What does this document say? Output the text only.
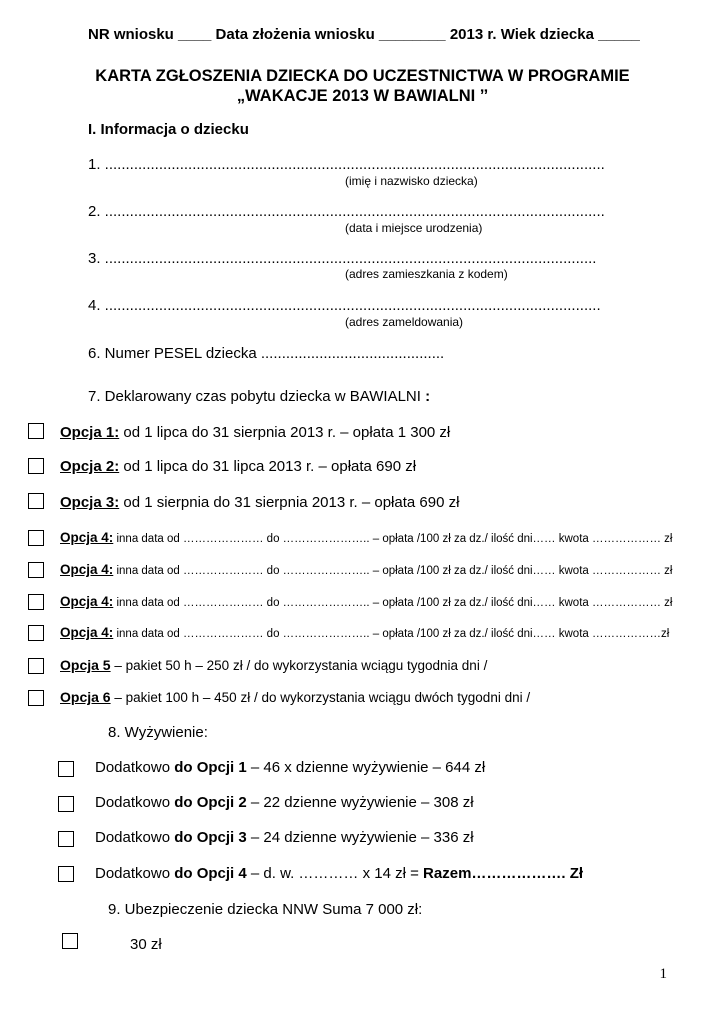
NR wniosku ____ Data złożenia wniosku ________ 2013 r. Wiek dziecka _____
KARTA ZGŁOSZENIA DZIECKA DO UCZESTNICTWA W PROGRAMIE
„WAKACJE 2013 W BAWIALNI ˮ
I. Informacja o dziecku
1. ........................................................................................................................
(imię i nazwisko dziecka)
2. ........................................................................................................................
(data i miejsce urodzenia)
3. ......................................................................................................................
(adres zamieszkania z kodem)
4. .......................................................................................................................
(adres zameldowania)
6. Numer PESEL dziecka ............................................
7. Deklarowany czas pobytu dziecka w BAWIALNI :
Opcja 1: od 1 lipca do 31 sierpnia 2013 r. – opłata 1 300 zł
Opcja 2: od 1 lipca do 31 lipca 2013 r. – opłata 690 zł
Opcja 3: od 1 sierpnia do 31 sierpnia 2013 r. – opłata 690 zł
Opcja 4: inna data od ………………… do ………………….. – opłata /100 zł za dz./ ilość dni…… kwota ……………… zł
Opcja 4: inna data od ………………… do ………………….. – opłata /100 zł za dz./ ilość dni…… kwota ……………… zł
Opcja 4: inna data od ………………… do ………………….. – opłata /100 zł za dz./ ilość dni…… kwota ……………… zł
Opcja 4: inna data od ………………… do ………………….. – opłata /100 zł za dz./ ilość dni…… kwota ………………zł
Opcja 5 – pakiet 50 h – 250 zł / do wykorzystania wciągu tygodnia dni /
Opcja 6 – pakiet 100 h – 450 zł / do wykorzystania wciągu dwóch tygodni dni /
8. Wyżywienie:
Dodatkowo do Opcji 1 – 46 x dzienne wyżywienie – 644 zł
Dodatkowo do Opcji 2 – 22 dzienne wyżywienie – 308 zł
Dodatkowo do Opcji 3 – 24 dzienne wyżywienie – 336 zł
Dodatkowo do Opcji 4 – d. w. ………… x 14 zł = Razem………………. Zł
9. Ubezpieczenie dziecka NNW Suma 7 000 zł:
30 zł
1
